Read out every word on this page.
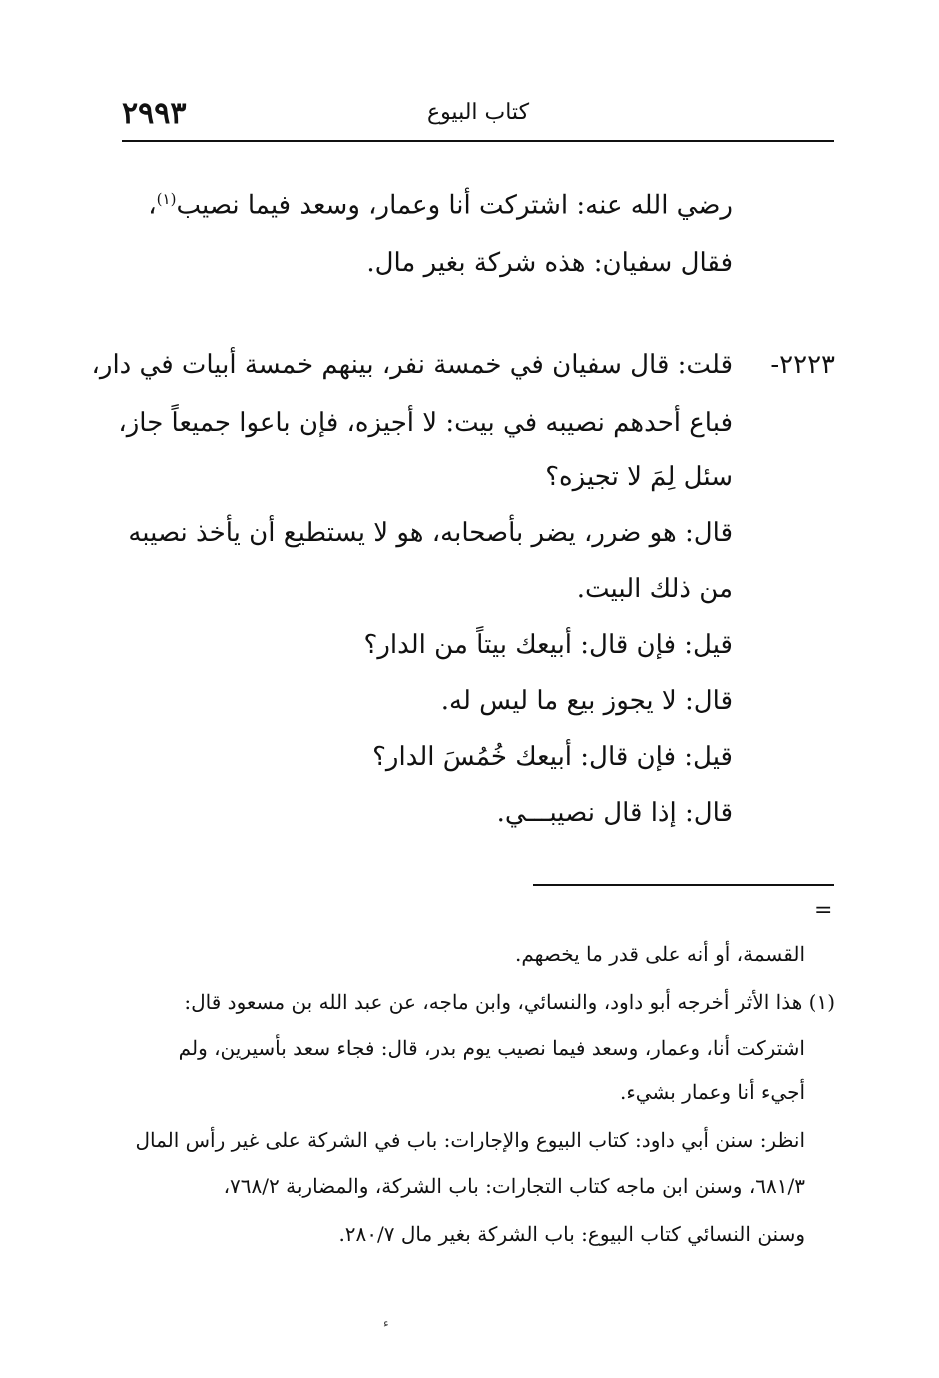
٢٩٩٣	كتاب البيوع
رضي الله عنه: اشتركت أنا وعمار، وسعد فيما نصيب$^{(١)}$،
فقال سفيان: هذه شركة بغير مال.
٢٢٢٣-
قلت: قال سفيان في خمسة نفر، بينهم خمسة أبيات في دار،
فباع أحدهم نصيبه في بيت: لا أجيزه، فإن باعوا جميعاً جاز،
سئل لِمَ لا تجيزه؟
قال: هو ضرر، يضر بأصحابه، هو لا يستطيع أن يأخذ نصيبه
من ذلك البيت.
قيل: فإن قال: أبيعك بيتاً من الدار؟
قال: لا يجوز بيع ما ليس له.
قيل: فإن قال: أبيعك خُمُسَ الدار؟
قال: إذا قال نصيبـــي.
=
القسمة، أو أنه على قدر ما يخصهم.
(١) هذا الأثر أخرجه أبو داود، والنسائي، وابن ماجه، عن عبد الله بن مسعود قال:
اشتركت أنا، وعمار، وسعد فيما نصيب يوم بدر، قال: فجاء سعد بأسيرين، ولم
أجيء أنا وعمار بشيء.
انظر: سنن أبي داود: كتاب البيوع والإجارات: باب في الشركة على غير رأس المال
٦٨١/٣، وسنن ابن ماجه كتاب التجارات: باب الشركة، والمضاربة ٧٦٨/٢،
وسنن النسائي كتاب البيوع: باب الشركة بغير مال ٢٨٠/٧.
ء
